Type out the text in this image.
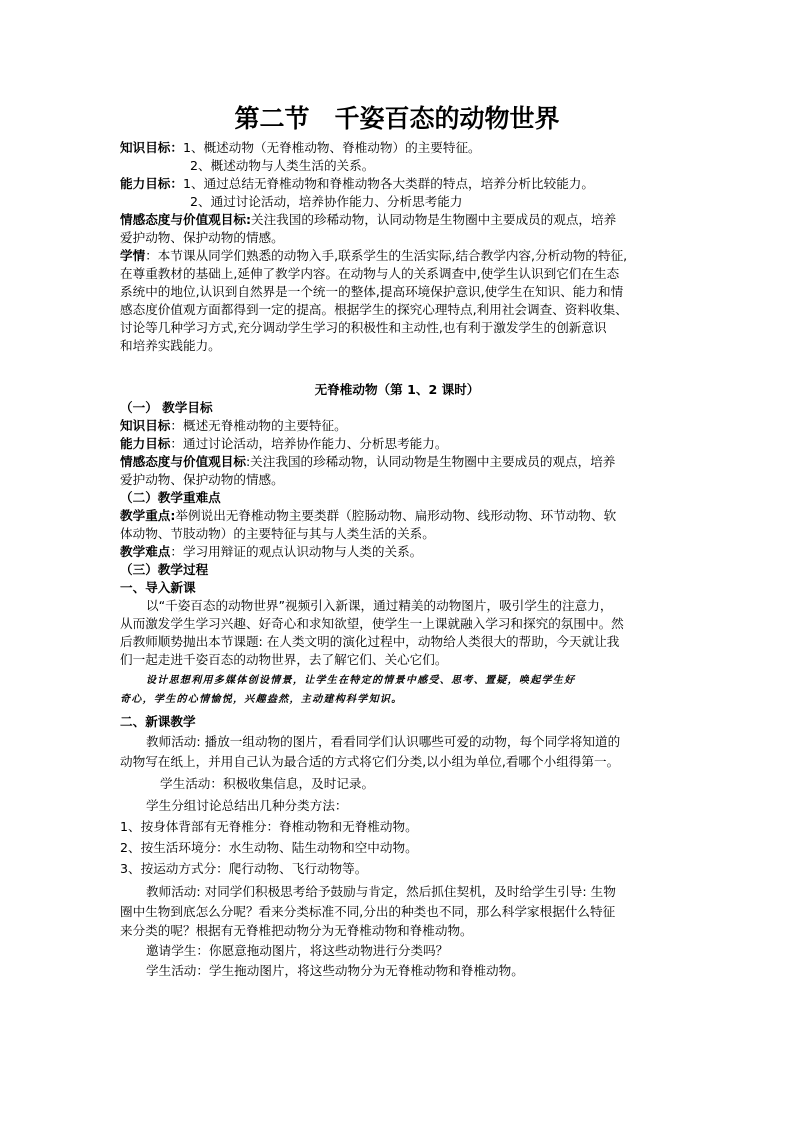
第二节　千姿百态的动物世界
知识目标：1、概述动物（无脊椎动物、脊椎动物）的主要特征。
2、概述动物与人类生活的关系。
能力目标：1、通过总结无脊椎动物和脊椎动物各大类群的特点，培养分析比较能力。
2、通过讨论活动，培养协作能力、分析思考能力
情感态度与价值观目标:关注我国的珍稀动物，认同动物是生物圈中主要成员的观点，培养
爱护动物、保护动物的情感。
学情：本节课从同学们熟悉的动物入手,联系学生的生活实际,结合教学内容,分析动物的特征,
在尊重教材的基础上,延伸了教学内容。在动物与人的关系调查中,使学生认识到它们在生态
系统中的地位,认识到自然界是一个统一的整体,提高环境保护意识,使学生在知识、能力和情
感态度价值观方面都得到一定的提高。根据学生的探究心理特点,利用社会调查、资料收集、
讨论等几种学习方式,充分调动学生学习的积极性和主动性,也有利于激发学生的创新意识
和培养实践能力。
无脊椎动物（第 1、2 课时）
（一） 教学目标
知识目标：概述无脊椎动物的主要特征。
能力目标：通过讨论活动，培养协作能力、分析思考能力。
情感态度与价值观目标:关注我国的珍稀动物，认同动物是生物圈中主要成员的观点，培养
爱护动物、保护动物的情感。
（二）教学重难点
教学重点:举例说出无脊椎动物主要类群（腔肠动物、扁形动物、线形动物、环节动物、软
体动物、节肢动物）的主要特征与其与人类生活的关系。
教学难点：学习用辩证的观点认识动物与人类的关系。
（三）教学过程
一、导入新课
以“千姿百态的动物世界”视频引入新课，通过精美的动物图片，吸引学生的注意力，
从而激发学生学习兴趣、好奇心和求知欲望，使学生一上课就融入学习和探究的氛围中。然
后教师顺势抛出本节课题: 在人类文明的演化过程中，动物给人类很大的帮助，今天就让我
们一起走进千姿百态的动物世界，去了解它们、关心它们。
设计思想利用多媒体创设情景，让学生在特定的情景中感受、思考、置疑，唤起学生好
奇心，学生的心情愉悦，兴趣盎然，主动建构科学知识。
二、新课教学
教师活动: 播放一组动物的图片，看看同学们认识哪些可爱的动物，每个同学将知道的
动物写在纸上，并用自己认为最合适的方式将它们分类,以小组为单位,看哪个小组得第一。
学生活动：积极收集信息，及时记录。
学生分组讨论总结出几种分类方法：
1、按身体背部有无脊椎分：脊椎动物和无脊椎动物。
2、按生活环境分：水生动物、陆生动物和空中动物。
3、按运动方式分：爬行动物、飞行动物等。
教师活动: 对同学们积极思考给予鼓励与肯定，然后抓住契机，及时给学生引导: 生物
圈中生物到底怎么分呢？看来分类标准不同,分出的种类也不同，那么科学家根据什么特征
来分类的呢？根据有无脊椎把动物分为无脊椎动物和脊椎动物。
邀请学生：你愿意拖动图片，将这些动物进行分类吗？
学生活动：学生拖动图片，将这些动物分为无脊椎动物和脊椎动物。
